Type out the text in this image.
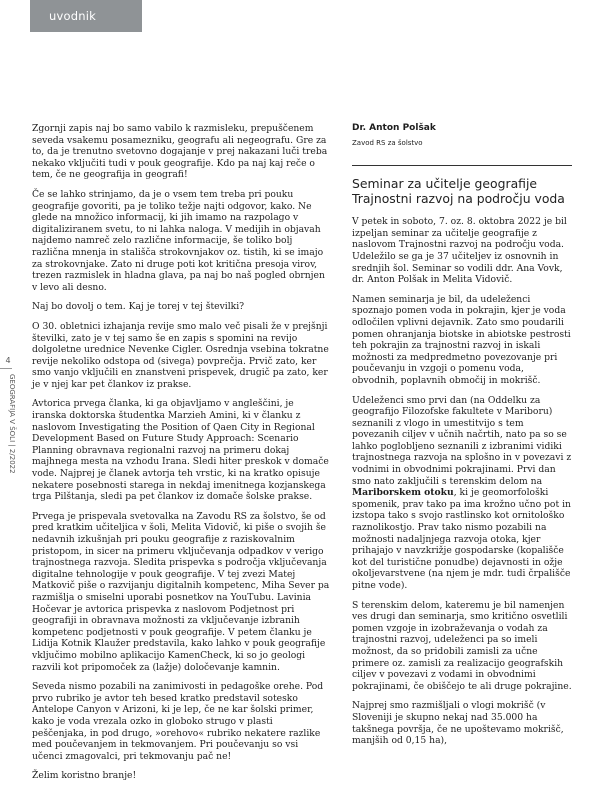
uvodnik
4
GEOGRAFIJA V ŠOLI | 2/2022

Zgornji zapis naj bo samo vabilo k razmisleku, prepuščenem seveda vsakemu posamezniku, geografu ali negeografu. Gre za to, da je trenutno svetovno dogajanje v prej nakazani luči treba nekako vključiti tudi v pouk geografije. Kdo pa naj kaj reče o tem, če ne geografija in geografi!

Če se lahko strinjamo, da je o vsem tem treba pri pouku geografije govoriti, pa je toliko težje najti odgovor, kako. Ne glede na množico informacij, ki jih imamo na razpolago v digitaliziranem svetu, to ni lahka naloga. V medijih in objavah najdemo namreč zelo različne informacije, še toliko bolj različna mnenja in stališča strokovnjakov oz. tistih, ki se imajo za strokovnjake. Zato ni druge poti kot kritična presoja virov, trezen razmislek in hladna glava, pa naj bo naš pogled obrnjen v levo ali desno.

Naj bo dovolj o tem. Kaj je torej v tej številki?

O 30. obletnici izhajanja revije smo malo več pisali že v prejšnji številki, zato je v tej samo še en zapis s spomini na revijo dolgoletne urednice Nevenke Cigler. Osrednja vsebina tokratne revije nekoliko odstopa od (sivega) povprečja. Prvič zato, ker smo vanjo vključili en znanstveni prispevek, drugič pa zato, ker je v njej kar pet člankov iz prakse.

Avtorica prvega članka, ki ga objavljamo v angleščini, je iranska doktorska študentka Marzieh Amini, ki v članku z naslovom Investigating the Position of Qaen City in Regional Development Based on Future Study Approach: Scenario Planning obravnava regionalni razvoj na primeru dokaj majhnega mesta na vzhodu Irana. Sledi hiter preskok v domače vode. Najprej je članek avtorja teh vrstic, ki na kratko opisuje nekatere posebnosti starega in nekdaj imenitnega kozjanskega trga Pilštanja, sledi pa pet člankov iz domače šolske prakse.

Prvega je prispevala svetovalka na Zavodu RS za šolstvo, še od pred kratkim učiteljica v šoli, Melita Vidovič, ki piše o svojih še nedavnih izkušnjah pri pouku geografije z raziskovalnim pristopom, in sicer na primeru vključevanja odpadkov v verigo trajnostnega razvoja. Sledita prispevka s področja vključevanja digitalne tehnologije v pouk geografije. V tej zvezi Matej Matkovič piše o razvijanju digitalnih kompetenc, Miha Sever pa razmišlja o smiselni uporabi posnetkov na YouTubu. Lavinia Hočevar je avtorica prispevka z naslovom Podjetnost pri geografiji in obravnava možnosti za vključevanje izbranih kompetenc podjetnosti v pouk geografije. V petem članku je Lidija Kotnik Klaužer predstavila, kako lahko v pouk geografije vključimo mobilno aplikacijo KamenCheck, ki so jo geologi razvili kot pripomoček za (lažje) določevanje kamnin.

Seveda nismo pozabili na zanimivosti in pedagoške orehe. Pod prvo rubriko je avtor teh besed kratko predstavil sotesko Antelope Canyon v Arizoni, ki je lep, če ne kar šolski primer, kako je voda vrezala ozko in globoko strugo v plasti peščenjaka, in pod drugo, »orehovo« rubriko nekatere razlike med poučevanjem in tekmovanjem. Pri poučevanju so vsi učenci zmagovalci, pri tekmovanju pač ne!

Želim koristno branje!

Dr. Anton Polšak
Zavod RS za šolstvo
Seminar za učitelje geografije Trajnostni razvoj na področju voda

V petek in soboto, 7. oz. 8. oktobra 2022 je bil izpeljan seminar za učitelje geografije z naslovom Trajnostni razvoj na področju voda. Udeležilo se ga je 37 učiteljev iz osnovnih in srednjih šol. Seminar so vodili ddr. Ana Vovk, dr. Anton Polšak in Melita Vidovič.

Namen seminarja je bil, da udeleženci spoznajo pomen voda in pokrajin, kjer je voda odločilen vplivni dejavnik. Zato smo poudarili pomen ohranjanja biotske in abiotske pestrosti teh pokrajin za trajnostni razvoj in iskali možnosti za medpredmetno povezovanje pri poučevanju in vzgoji o pomenu voda, obvodnih, poplavnih območij in mokrišč.

Udeleženci smo prvi dan (na Oddelku za geografijo Filozofske fakultete v Mariboru) seznanili z vlogo in umestitvijo s tem povezanih ciljev v učnih načrtih, nato pa so se lahko poglobljeno seznanili z izbranimi vidiki trajnostnega razvoja na splošno in v povezavi z vodnimi in obvodnimi pokrajinami. Prvi dan smo nato zaključili s terenskim delom na Mariborskem otoku, ki je geomorfološki spomenik, prav tako pa ima krožno učno pot in izstopa tako s svojo rastlinsko kot ornitološko raznolikostjo. Prav tako nismo pozabili na možnosti nadaljnjega razvoja otoka, kjer prihajajo v navzkrižje gospodarske (kopališče kot del turistične ponudbe) dejavnosti in ožje okoljevarstvene (na njem je mdr. tudi črpališče pitne vode).

S terenskim delom, kateremu je bil namenjen ves drugi dan seminarja, smo kritično osvetlili pomen vzgoje in izobraževanja o vodah za trajnostni razvoj, udeleženci pa so imeli možnost, da so pridobili zamisli za učne primere oz. zamisli za realizacijo geografskih ciljev v povezavi z vodami in obvodnimi pokrajinami, če obiščejo te ali druge pokrajine.

Najprej smo razmišljali o vlogi mokrišč (v Sloveniji je skupno nekaj nad 35.000 ha takšnega površja, če ne upoštevamo mokrišč, manjših od 0,15 ha),
